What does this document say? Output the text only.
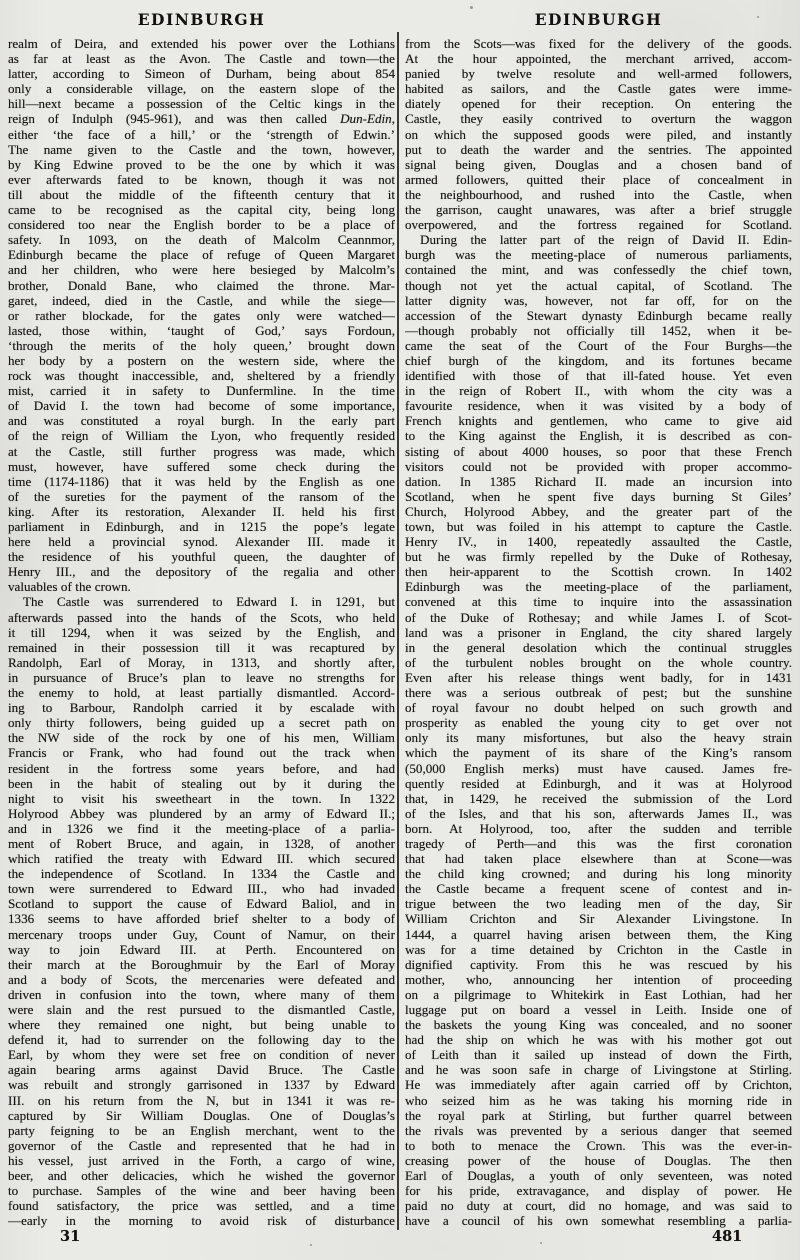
EDINBURGH	EDINBURGH
realm of Deira, and extended his power over the Lothians
as far at least as the Avon. The Castle and town—the
latter, according to Simeon of Durham, being about 854
only a considerable village, on the eastern slope of the
hill—next became a possession of the Celtic kings in the
reign of Indulph (945-961), and was then called Dun-Edin,
either ‘the face of a hill,’ or the ‘strength of Edwin.’
The name given to the Castle and the town, however,
by King Edwine proved to be the one by which it was
ever afterwards fated to be known, though it was not
till about the middle of the fifteenth century that it
came to be recognised as the capital city, being long
considered too near the English border to be a place of
safety. In 1093, on the death of Malcolm Ceannmor,
Edinburgh became the place of refuge of Queen Margaret
and her children, who were here besieged by Malcolm’s
brother, Donald Bane, who claimed the throne. Mar-
garet, indeed, died in the Castle, and while the siege—
or rather blockade, for the gates only were watched—
lasted, those within, ‘taught of God,’ says Fordoun,
‘through the merits of the holy queen,’ brought down
her body by a postern on the western side, where the
rock was thought inaccessible, and, sheltered by a friendly
mist, carried it in safety to Dunfermline. In the time
of David I. the town had become of some importance,
and was constituted a royal burgh. In the early part
of the reign of William the Lyon, who frequently resided
at the Castle, still further progress was made, which
must, however, have suffered some check during the
time (1174-1186) that it was held by the English as one
of the sureties for the payment of the ransom of the
king. After its restoration, Alexander II. held his first
parliament in Edinburgh, and in 1215 the pope’s legate
here held a provincial synod. Alexander III. made it
the residence of his youthful queen, the daughter of
Henry III., and the depository of the regalia and other
valuables of the crown.
The Castle was surrendered to Edward I. in 1291, but
afterwards passed into the hands of the Scots, who held
it till 1294, when it was seized by the English, and
remained in their possession till it was recaptured by
Randolph, Earl of Moray, in 1313, and shortly after,
in pursuance of Bruce’s plan to leave no strengths for
the enemy to hold, at least partially dismantled. Accord-
ing to Barbour, Randolph carried it by escalade with
only thirty followers, being guided up a secret path on
the NW side of the rock by one of his men, William
Francis or Frank, who had found out the track when
resident in the fortress some years before, and had
been in the habit of stealing out by it during the
night to visit his sweetheart in the town. In 1322
Holyrood Abbey was plundered by an army of Edward II.;
and in 1326 we find it the meeting-place of a parlia-
ment of Robert Bruce, and again, in 1328, of another
which ratified the treaty with Edward III. which secured
the independence of Scotland. In 1334 the Castle and
town were surrendered to Edward III., who had invaded
Scotland to support the cause of Edward Baliol, and in
1336 seems to have afforded brief shelter to a body of
mercenary troops under Guy, Count of Namur, on their
way to join Edward III. at Perth. Encountered on
their march at the Boroughmuir by the Earl of Moray
and a body of Scots, the mercenaries were defeated and
driven in confusion into the town, where many of them
were slain and the rest pursued to the dismantled Castle,
where they remained one night, but being unable to
defend it, had to surrender on the following day to the
Earl, by whom they were set free on condition of never
again bearing arms against David Bruce. The Castle
was rebuilt and strongly garrisoned in 1337 by Edward
III. on his return from the N, but in 1341 it was re-
captured by Sir William Douglas. One of Douglas’s
party feigning to be an English merchant, went to the
governor of the Castle and represented that he had in
his vessel, just arrived in the Forth, a cargo of wine,
beer, and other delicacies, which he wished the governor
to purchase. Samples of the wine and beer having been
found satisfactory, the price was settled, and a time
—early in the morning to avoid risk of disturbance
from the Scots—was fixed for the delivery of the goods.
At the hour appointed, the merchant arrived, accom-
panied by twelve resolute and well-armed followers,
habited as sailors, and the Castle gates were imme-
diately opened for their reception. On entering the
Castle, they easily contrived to overturn the waggon
on which the supposed goods were piled, and instantly
put to death the warder and the sentries. The appointed
signal being given, Douglas and a chosen band of
armed followers, quitted their place of concealment in
the neighbourhood, and rushed into the Castle, when
the garrison, caught unawares, was after a brief struggle
overpowered, and the fortress regained for Scotland.
During the latter part of the reign of David II. Edin-
burgh was the meeting-place of numerous parliaments,
contained the mint, and was confessedly the chief town,
though not yet the actual capital, of Scotland. The
latter dignity was, however, not far off, for on the
accession of the Stewart dynasty Edinburgh became really
—though probably not officially till 1452, when it be-
came the seat of the Court of the Four Burghs—the
chief burgh of the kingdom, and its fortunes became
identified with those of that ill-fated house. Yet even
in the reign of Robert II., with whom the city was a
favourite residence, when it was visited by a body of
French knights and gentlemen, who came to give aid
to the King against the English, it is described as con-
sisting of about 4000 houses, so poor that these French
visitors could not be provided with proper accommo-
dation. In 1385 Richard II. made an incursion into
Scotland, when he spent five days burning St Giles’
Church, Holyrood Abbey, and the greater part of the
town, but was foiled in his attempt to capture the Castle.
Henry IV., in 1400, repeatedly assaulted the Castle,
but he was firmly repelled by the Duke of Rothesay,
then heir-apparent to the Scottish crown. In 1402
Edinburgh was the meeting-place of the parliament,
convened at this time to inquire into the assassination
of the Duke of Rothesay; and while James I. of Scot-
land was a prisoner in England, the city shared largely
in the general desolation which the continual struggles
of the turbulent nobles brought on the whole country.
Even after his release things went badly, for in 1431
there was a serious outbreak of pest; but the sunshine
of royal favour no doubt helped on such growth and
prosperity as enabled the young city to get over not
only its many misfortunes, but also the heavy strain
which the payment of its share of the King’s ransom
(50,000 English merks) must have caused. James fre-
quently resided at Edinburgh, and it was at Holyrood
that, in 1429, he received the submission of the Lord
of the Isles, and that his son, afterwards James II., was
born. At Holyrood, too, after the sudden and terrible
tragedy of Perth—and this was the first coronation
that had taken place elsewhere than at Scone—was
the child king crowned; and during his long minority
the Castle became a frequent scene of contest and in-
trigue between the two leading men of the day, Sir
William Crichton and Sir Alexander Livingstone. In
1444, a quarrel having arisen between them, the King
was for a time detained by Crichton in the Castle in
dignified captivity. From this he was rescued by his
mother, who, announcing her intention of proceeding
on a pilgrimage to Whitekirk in East Lothian, had her
luggage put on board a vessel in Leith. Inside one of
the baskets the young King was concealed, and no sooner
had the ship on which he was with his mother got out
of Leith than it sailed up instead of down the Firth,
and he was soon safe in charge of Livingstone at Stirling.
He was immediately after again carried off by Crichton,
who seized him as he was taking his morning ride in
the royal park at Stirling, but further quarrel between
the rivals was prevented by a serious danger that seemed
to both to menace the Crown. This was the ever-in-
creasing power of the house of Douglas. The then
Earl of Douglas, a youth of only seventeen, was noted
for his pride, extravagance, and display of power. He
paid no duty at court, did no homage, and was said to
have a council of his own somewhat resembling a parlia-
31	481
